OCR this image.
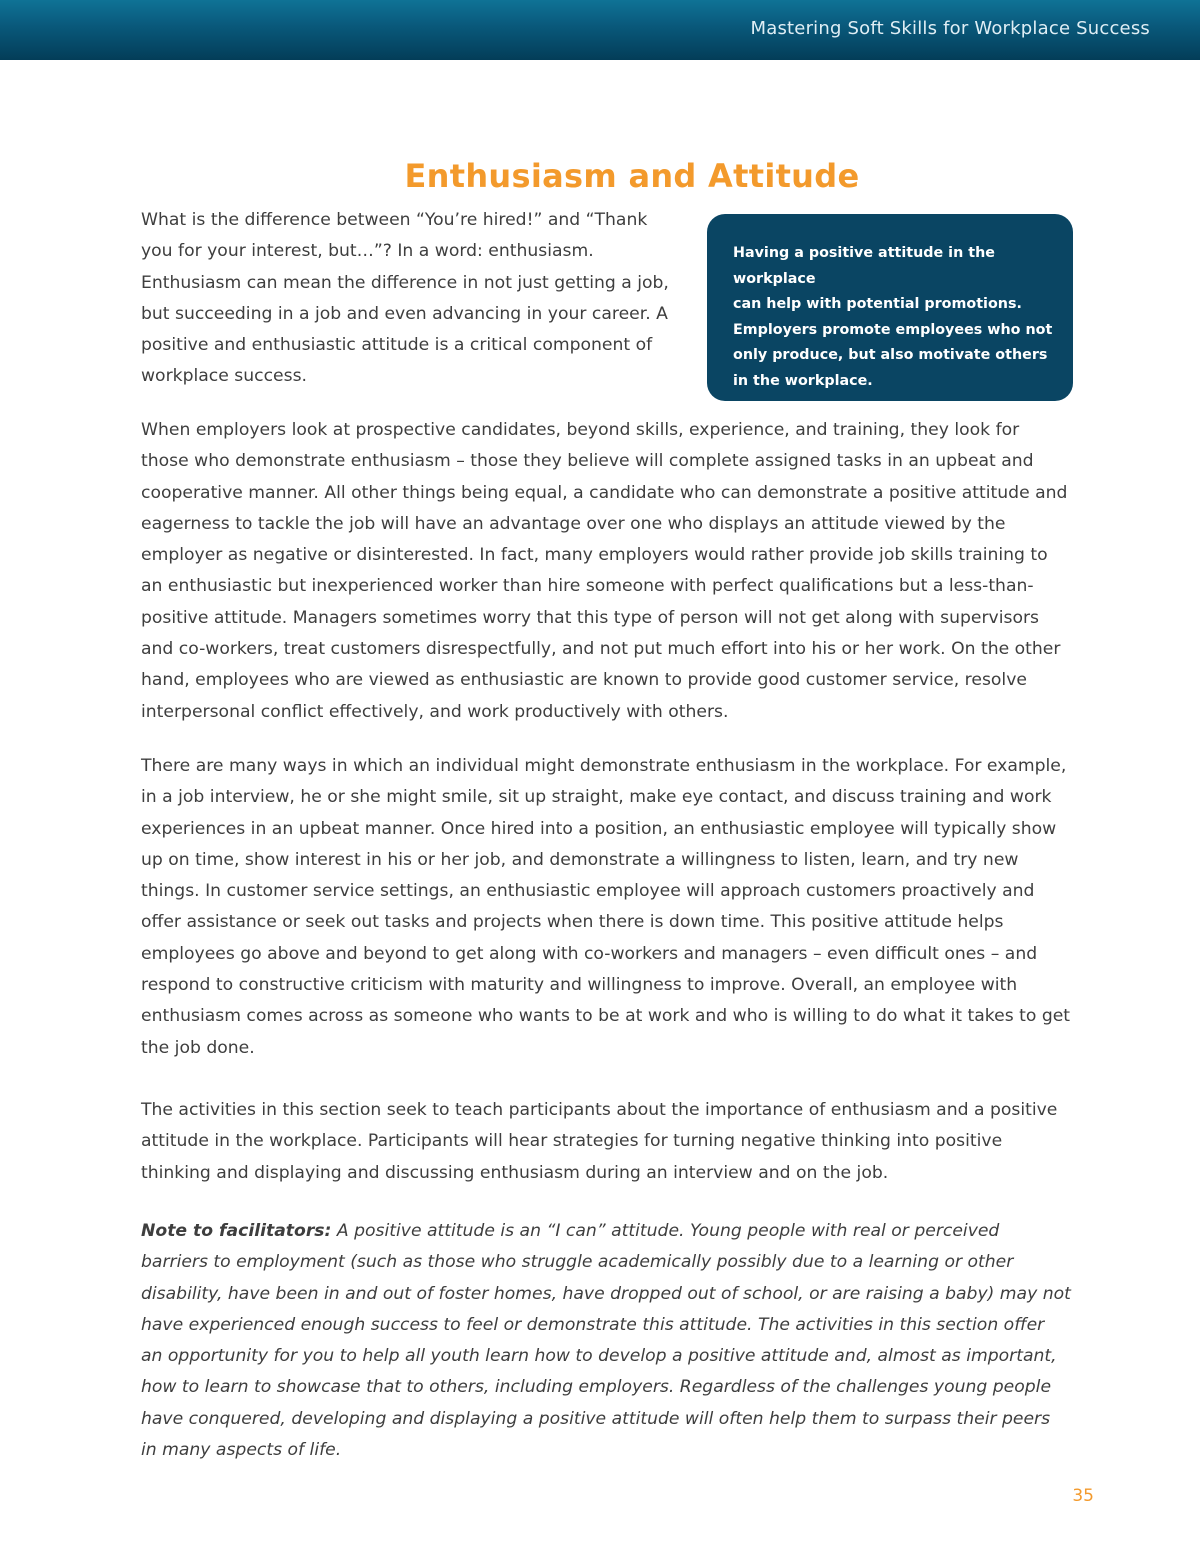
Mastering Soft Skills for Workplace Success
Enthusiasm and Attitude

What is the difference between “You’re hired!” and “Thank you for your interest, but…”? In a word: enthusiasm. Enthusiasm can mean the difference in not just getting a job, but succeeding in a job and even advancing in your career. A positive and enthusiastic attitude is a critical component of workplace success.

Having a positive attitude in the workplace
can help with potential promotions.
Employers promote employees who not
only produce, but also motivate others
in the workplace.

When employers look at prospective candidates, beyond skills, experience, and training, they look for those who demonstrate enthusiasm – those they believe will complete assigned tasks in an upbeat and cooperative manner. All other things being equal, a candidate who can demonstrate a positive attitude and eagerness to tackle the job will have an advantage over one who displays an attitude viewed by the employer as negative or disinterested. In fact, many employers would rather provide job skills training to an enthusiastic but inexperienced worker than hire someone with perfect qualifications but a less-than-positive attitude. Managers sometimes worry that this type of person will not get along with supervisors and co-workers, treat customers disrespectfully, and not put much effort into his or her work. On the other hand, employees who are viewed as enthusiastic are known to provide good customer service, resolve interpersonal conflict effectively, and work productively with others.

There are many ways in which an individual might demonstrate enthusiasm in the workplace. For example, in a job interview, he or she might smile, sit up straight, make eye contact, and discuss training and work experiences in an upbeat manner. Once hired into a position, an enthusiastic employee will typically show up on time, show interest in his or her job, and demonstrate a willingness to listen, learn, and try new things. In customer service settings, an enthusiastic employee will approach customers proactively and offer assistance or seek out tasks and projects when there is down time. This positive attitude helps employees go above and beyond to get along with co-workers and managers – even difficult ones – and respond to constructive criticism with maturity and willingness to improve. Overall, an employee with enthusiasm comes across as someone who wants to be at work and who is willing to do what it takes to get the job done.

The activities in this section seek to teach participants about the importance of enthusiasm and a positive attitude in the workplace. Participants will hear strategies for turning negative thinking into positive thinking and displaying and discussing enthusiasm during an interview and on the job.

Note to facilitators: A positive attitude is an “I can” attitude. Young people with real or perceived barriers to employment (such as those who struggle academically possibly due to a learning or other disability, have been in and out of foster homes, have dropped out of school, or are raising a baby) may not have experienced enough success to feel or demonstrate this attitude. The activities in this section offer an opportunity for you to help all youth learn how to develop a positive attitude and, almost as important, how to learn to showcase that to others, including employers. Regardless of the challenges young people have conquered, developing and displaying a positive attitude will often help them to surpass their peers in many aspects of life.

35
